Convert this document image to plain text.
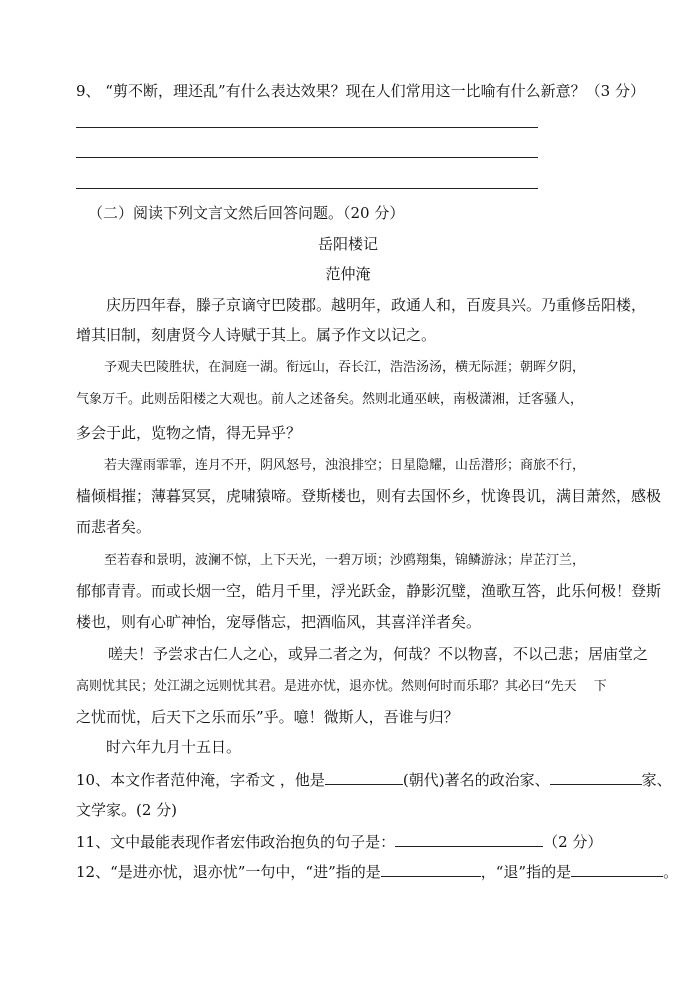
9、 “剪不断，理还乱”有什么表达效果？现在人们常用这一比喻有什么新意？（3 分）
（二）阅读下列文言文然后回答问题。（20 分）
岳阳楼记
范仲淹
庆历四年春，滕子京谪守巴陵郡。越明年，政通人和，百废具兴。乃重修岳阳楼，
增其旧制，刻唐贤今人诗赋于其上。属予作文以记之。
予观夫巴陵胜状，在洞庭一湖。衔远山，吞长江，浩浩汤汤，横无际涯；朝晖夕阴，
气象万千。此则岳阳楼之大观也。前人之述备矣。然则北通巫峡，南极潇湘，迁客骚人，
多会于此，览物之情，得无异乎？
若夫霪雨霏霏，连月不开，阴风怒号，浊浪排空；日星隐耀，山岳潜形；商旅不行，
樯倾楫摧；薄暮冥冥，虎啸猿啼。登斯楼也，则有去国怀乡，忧谗畏讥，满目萧然，感极
而悲者矣。
至若春和景明，波澜不惊，上下天光，一碧万顷；沙鸥翔集，锦鳞游泳；岸芷汀兰，
郁郁青青。而或长烟一空，皓月千里，浮光跃金，静影沉璧，渔歌互答，此乐何极！登斯
楼也，则有心旷神怡，宠辱偕忘，把酒临风，其喜洋洋者矣。
嗟夫！予尝求古仁人之心，或异二者之为，何哉？不以物喜，不以己悲；居庙堂之
高则忧其民；处江湖之远则忧其君。是进亦忧，退亦忧。然则何时而乐耶？其必曰“先天　 下
之忧而忧，后天下之乐而乐”乎。噫！微斯人，吾谁与归？
时六年九月十五日。
10、本文作者范仲淹，字希文 ，他是	(朝代)著名的政治家、	家、
文学家。(2 分)
11、文中最能表现作者宏伟政治抱负的句子是：	（2 分）
12、“是进亦忧，退亦忧”一句中，“进”指的是	，“退”指的是	。
